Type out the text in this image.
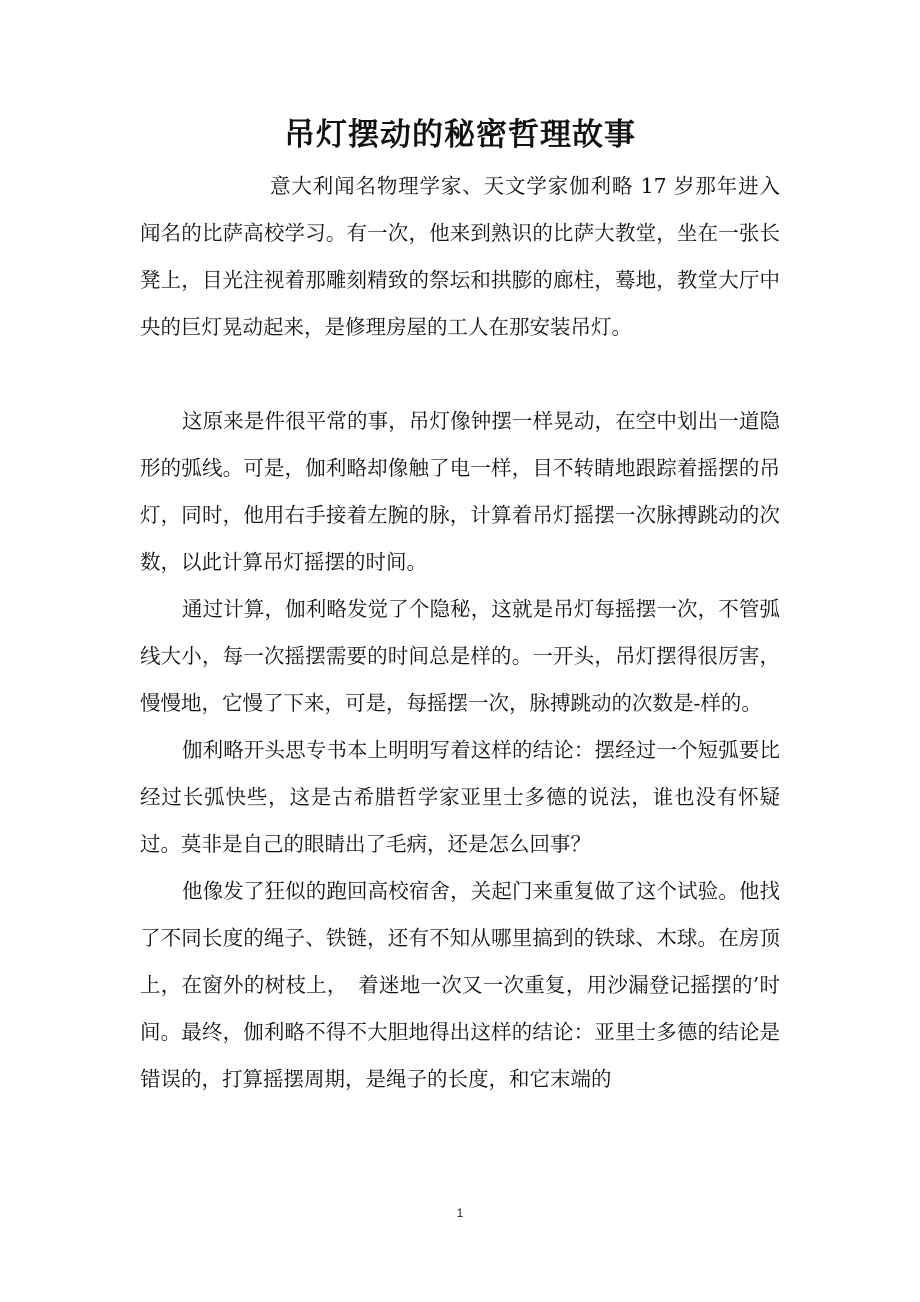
吊灯摆动的秘密哲理故事

意大利闻名物理学家、天文学家伽利略 17 岁那年进入闻名的比萨高校学习。有一次，他来到熟识的比萨大教堂，坐在一张长凳上，目光注视着那雕刻精致的祭坛和拱膨的廊柱，蓦地，教堂大厅中央的巨灯晃动起来，是修理房屋的工人在那安装吊灯。

这原来是件很平常的事，吊灯像钟摆一样晃动，在空中划出一道隐形的弧线。可是，伽利略却像触了电一样，目不转睛地跟踪着摇摆的吊灯，同时，他用右手接着左腕的脉，计算着吊灯摇摆一次脉搏跳动的次数，以此计算吊灯摇摆的时间。

通过计算，伽利略发觉了个隐秘，这就是吊灯每摇摆一次，不管弧线大小，每一次摇摆需要的时间总是样的。一开头，吊灯摆得很厉害，慢慢地，它慢了下来，可是，每摇摆一次，脉搏跳动的次数是-样的。

伽利略开头思专书本上明明写着这样的结论：摆经过一个短弧要比经过长弧快些，这是古希腊哲学家亚里士多德的说法，谁也没有怀疑过。莫非是自己的眼睛出了毛病，还是怎么回事？

他像发了狂似的跑回高校宿舍，关起门来重复做了这个试验。他找了不同长度的绳子、铁链，还有不知从哪里搞到的铁球、木球。在房顶上，在窗外的树枝上，　着迷地一次又一次重复，用沙漏登记摇摆的’时间。最终，伽利略不得不大胆地得出这样的结论：亚里士多德的结论是错误的，打算摇摆周期，是绳子的长度，和它末端的

1
